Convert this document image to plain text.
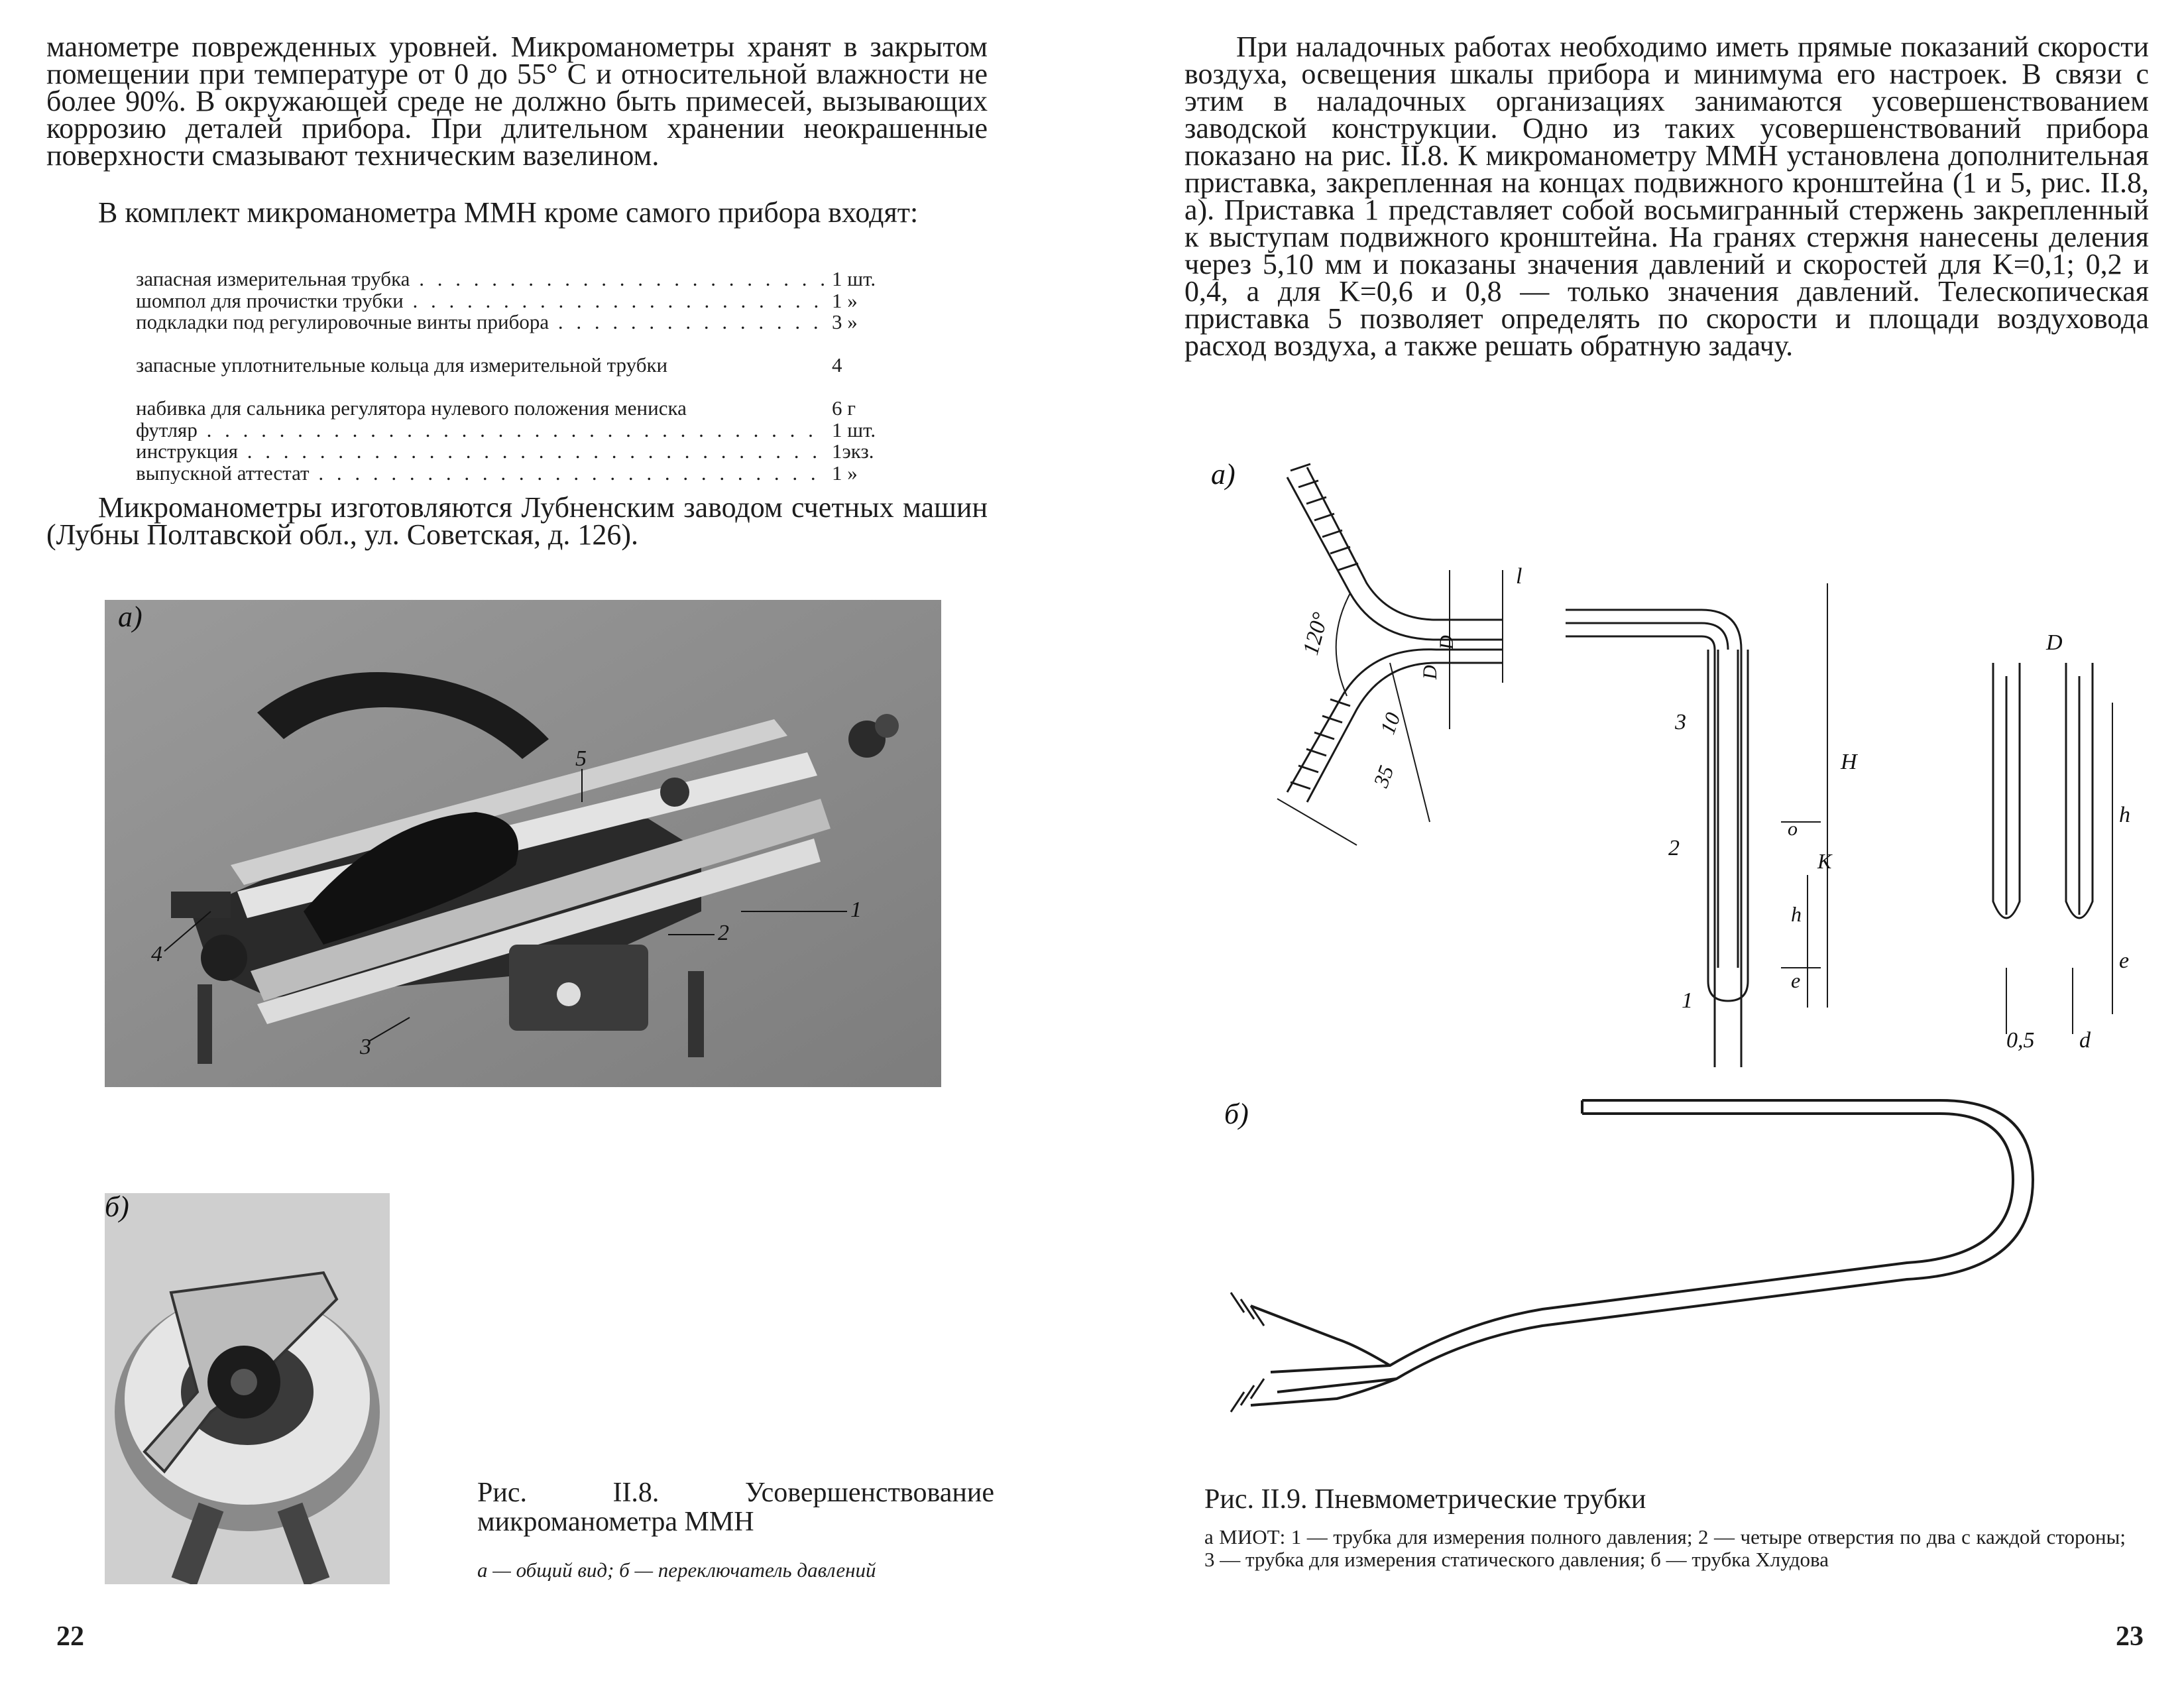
манометре поврежденных уровней. Микроманометры хранят в закрытом помещении при температуре от 0 до 55° С и относительной влажности не более 90%. В окружающей среде не должно быть примесей, вызывающих коррозию деталей прибора. При длительном хранении неокрашенные поверхности смазывают техническим вазелином.

В комплект микроманометра ММН кроме самого прибора входят:

запасная измерительная трубка . . .	1 шт.
шомпол для прочистки трубки . . .	1 »
подкладки под регулировочные винты прибора . . .	3 »
запасные уплотнительные кольца для измерительной трубки	4
набивка для сальника регулятора нулевого положения мениска	6 г
футляр . . .	1 шт.
инструкция . . .	1экз.
выпускной аттестат . . .	1 »

Микроманометры изготовляются Лубненским заводом счетных машин (Лубны Полтавской обл., ул. Советская, д. 126).

5
1
2
3
4
а)
б)
Рис. II.8. Усовершенствование микроманометра ММН
а — общий вид; б — переключатель давлений
22

При наладочных работах необходимо иметь прямые показаний скорости воздуха, освещения шкалы прибора и минимума его настроек. В связи с этим в наладочных организациях занимаются усовершенствованием заводской конструкции. Одно из таких усовершенствований прибора показано на рис. II.8. К микроманометру ММН установлена дополнительная приставка, закрепленная на концах подвижного кронштейна (1 и 5, рис. II.8, а). Приставка 1 представляет собой восьмигранный стержень закрепленный к выступам подвижного кронштейна. На гранях стержня нанесены деления через 5,10 мм и показаны значения давлений и скоростей для K=0,1; 0,2 и 0,4, а для K=0,6 и 0,8 — только значения давлений. Телескопическая приставка 5 позволяет определять по скорости и площади воздуховода расход воздуха, а также решать обратную задачу.

а)
120°
10
35
D
D
l
H
o
K
h
e
D
h
e
0,5 d
1
2
3
б)
Рис. II.9. Пневмометрические трубки
а МИОТ: 1 — трубка для измерения полного давления; 2 — четыре отверстия по два с каждой стороны; 3 — трубка для измерения статического давления; б — трубка Хлудова
23
